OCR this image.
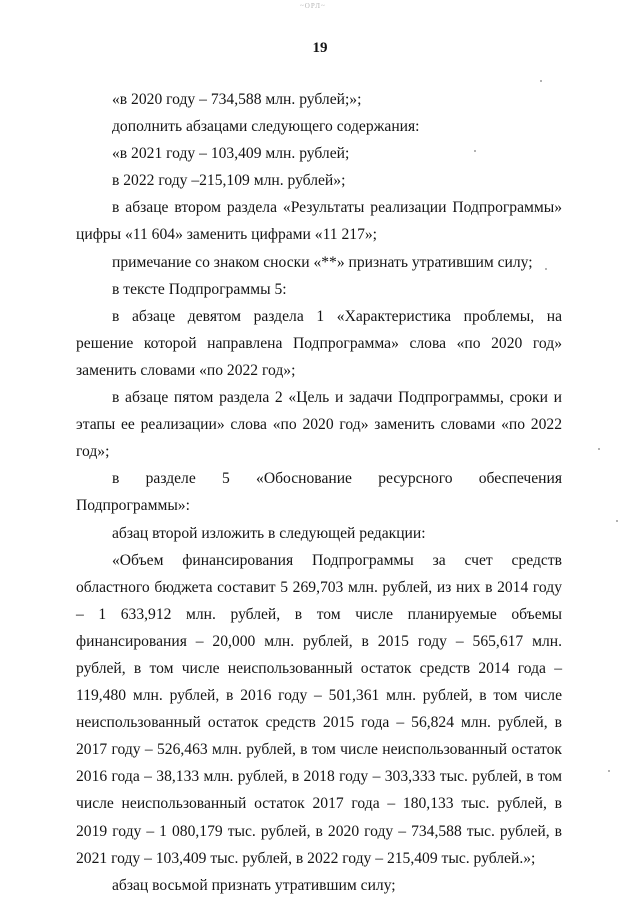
~ОРЛ~
19

«в 2020 году – 734,588 млн. рублей;»;

дополнить абзацами следующего содержания:

«в 2021 году – 103,409 млн. рублей;

в 2022 году –215,109 млн. рублей»;

в абзаце втором раздела «Результаты реализации Подпрограммы» цифры «11 604» заменить цифрами «11 217»;

примечание со знаком сноски «**» признать утратившим силу;

в тексте Подпрограммы 5:

в абзаце девятом раздела 1 «Характеристика проблемы, на решение которой направлена Подпрограмма» слова «по 2020 год» заменить словами «по 2022 год»;

в абзаце пятом раздела 2 «Цель и задачи Подпрограммы, сроки и этапы ее реализации» слова «по 2020 год» заменить словами «по 2022 год»;

в разделе 5 «Обоснование ресурсного обеспечения Подпрограммы»:

абзац второй изложить в следующей редакции:

«Объем финансирования Подпрограммы за счет средств областного бюджета составит 5 269,703 млн. рублей, из них в 2014 году – 1 633,912 млн. рублей, в том числе планируемые объемы финансирования – 20,000 млн. рублей, в 2015 году – 565,617 млн. рублей, в том числе неиспользованный остаток средств 2014 года – 119,480 млн. рублей, в 2016 году – 501,361 млн. рублей, в том числе неиспользованный остаток средств 2015 года – 56,824 млн. рублей, в 2017 году – 526,463 млн. рублей, в том числе неиспользованный остаток 2016 года – 38,133 млн. рублей, в 2018 году – 303,333 тыс. рублей, в том числе неиспользованный остаток 2017 года – 180,133 тыс. рублей, в 2019 году – 1 080,179 тыс. рублей, в 2020 году – 734,588 тыс. рублей, в 2021 году – 103,409 тыс. рублей, в 2022 году – 215,409 тыс. рублей.»;

абзац восьмой признать утратившим силу;
